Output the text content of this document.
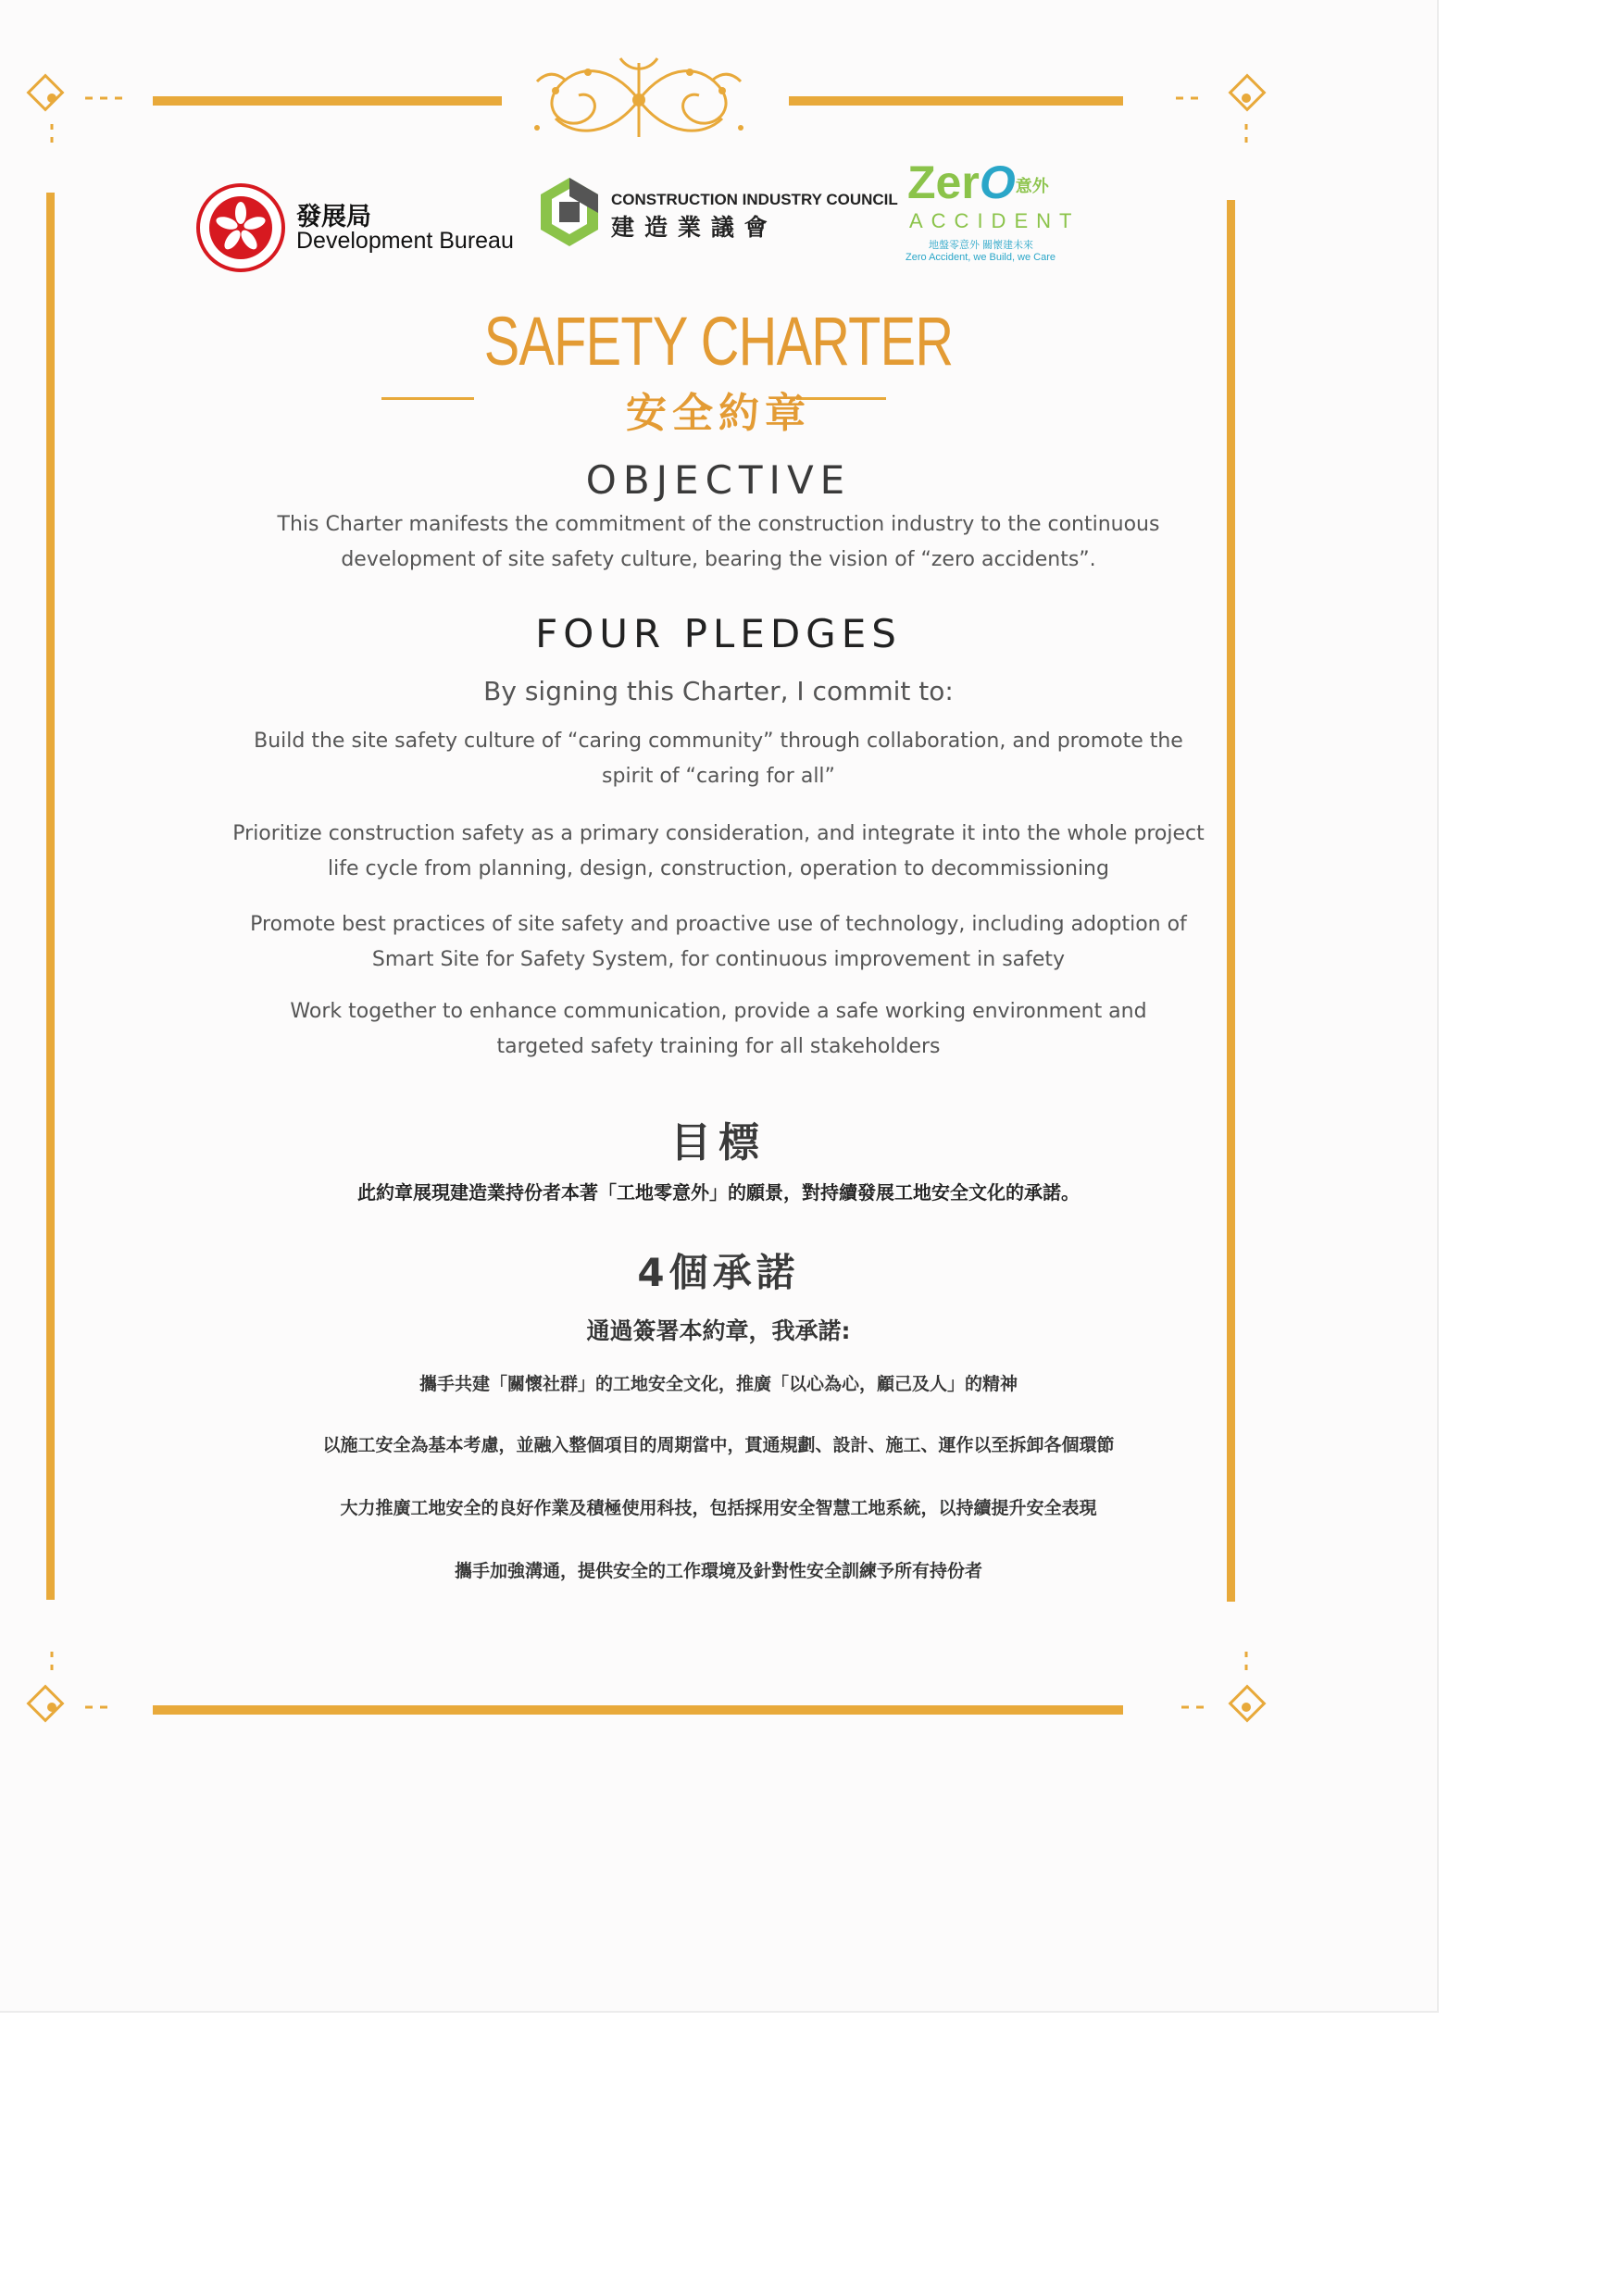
發展局
Development Bureau
CONSTRUCTION INDUSTRY COUNCIL
建 造 業 議 會
ZerO意外
ACCIDENT
地盤零意外 關懷建未來
Zero Accident, we Build, we Care
SAFETY CHARTER
安全約章
OBJECTIVE
This Charter manifests the commitment of the construction industry to the continuous
development of site safety culture, bearing the vision of “zero accidents”.
FOUR PLEDGES
By signing this Charter, I commit to:
Build the site safety culture of “caring community” through collaboration, and promote the
spirit of “caring for all”
Prioritize construction safety as a primary consideration, and integrate it into the whole project
life cycle from planning, design, construction, operation to decommissioning
Promote best practices of site safety and proactive use of technology, including adoption of
Smart Site for Safety System, for continuous improvement in safety
Work together to enhance communication, provide a safe working environment and
targeted safety training for all stakeholders
目標
此約章展現建造業持份者本著「工地零意外」的願景，對持續發展工地安全文化的承諾。
4個承諾
通過簽署本約章，我承諾:
攜手共建「關懷社群」的工地安全文化，推廣「以心為心，顧己及人」的精神
以施工安全為基本考慮，並融入整個項目的周期當中，貫通規劃、設計、施工、運作以至拆卸各個環節
大力推廣工地安全的良好作業及積極使用科技，包括採用安全智慧工地系統，以持續提升安全表現
攜手加強溝通，提供安全的工作環境及針對性安全訓練予所有持份者
